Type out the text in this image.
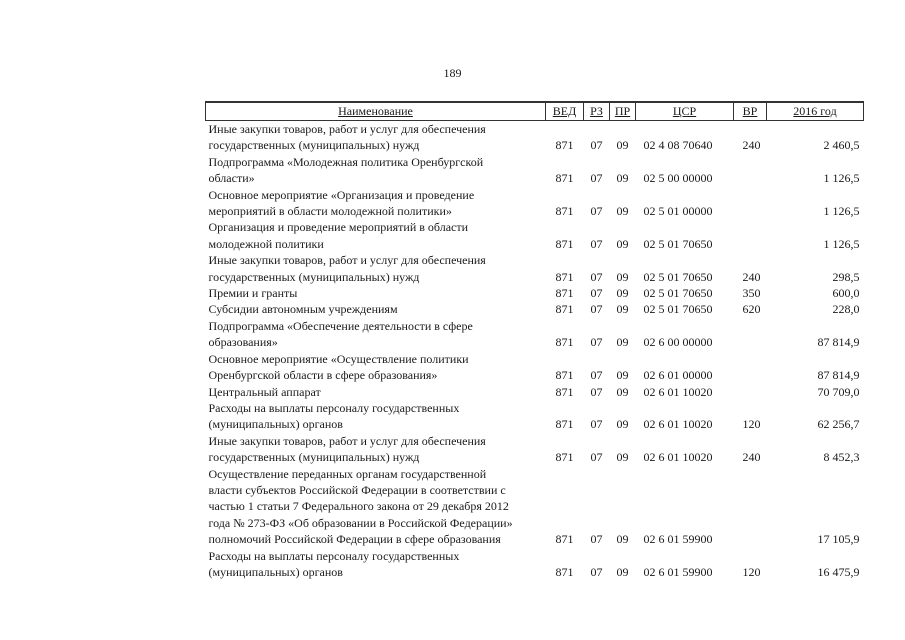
189
Наименование	ВЕД	РЗ	ПР	ЦСР	ВР	2016 год

Иные закупки товаров, работ и услуг для обеспечения
государственных (муниципальных) нужд	871	07	09	02 4 08 70640	240	2 460,5

Подпрограмма «Молодежная политика Оренбургской
области»	871	07	09	02 5 00 00000		1 126,5

Основное мероприятие «Организация и проведение
мероприятий в области молодежной политики»	871	07	09	02 5 01 00000		1 126,5

Организация и проведение мероприятий в области
молодежной политики	871	07	09	02 5 01 70650		1 126,5

Иные закупки товаров, работ и услуг для обеспечения
государственных (муниципальных) нужд	871	07	09	02 5 01 70650	240	298,5

Премии и гранты	871	07	09	02 5 01 70650	350	600,0

Субсидии автономным учреждениям	871	07	09	02 5 01 70650	620	228,0

Подпрограмма «Обеспечение деятельности в сфере
образования»	871	07	09	02 6 00 00000		87 814,9

Основное мероприятие «Осуществление политики
Оренбургской области в сфере образования»	871	07	09	02 6 01 00000		87 814,9

Центральный аппарат	871	07	09	02 6 01 10020		70 709,0

Расходы на выплаты персоналу государственных
(муниципальных) органов	871	07	09	02 6 01 10020	120	62 256,7

Иные закупки товаров, работ и услуг для обеспечения
государственных (муниципальных) нужд	871	07	09	02 6 01 10020	240	8 452,3

Осуществление переданных органам государственной
власти субъектов Российской Федерации в соответствии с
частью 1 статьи 7 Федерального закона от 29 декабря 2012
года № 273-ФЗ «Об образовании в Российской Федерации»
полномочий Российской Федерации в сфере образования	871	07	09	02 6 01 59900		17 105,9

Расходы на выплаты персоналу государственных
(муниципальных) органов	871	07	09	02 6 01 59900	120	16 475,9
